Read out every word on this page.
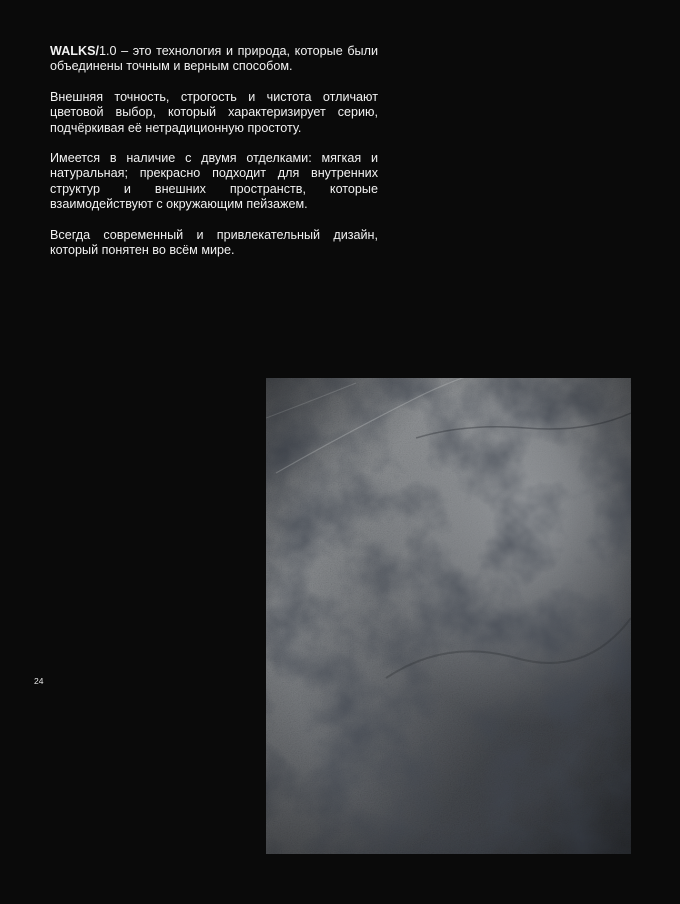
WALKS/1.0 – это технология и природа, которые были объединены точным и верным способом.

Внешняя точность, строгость и чистота отличают цветовой выбор, который характеризирует серию, подчёркивая её нетрадиционную простоту.

Имеется в наличие с двумя отделками: мягкая и натуральная; прекрасно подходит для внутренних структур и внешних пространств, которые взаимодействуют с окружающим пейзажем.

Всегда современный и привлекательный дизайн, который понятен во всём мире.

24
